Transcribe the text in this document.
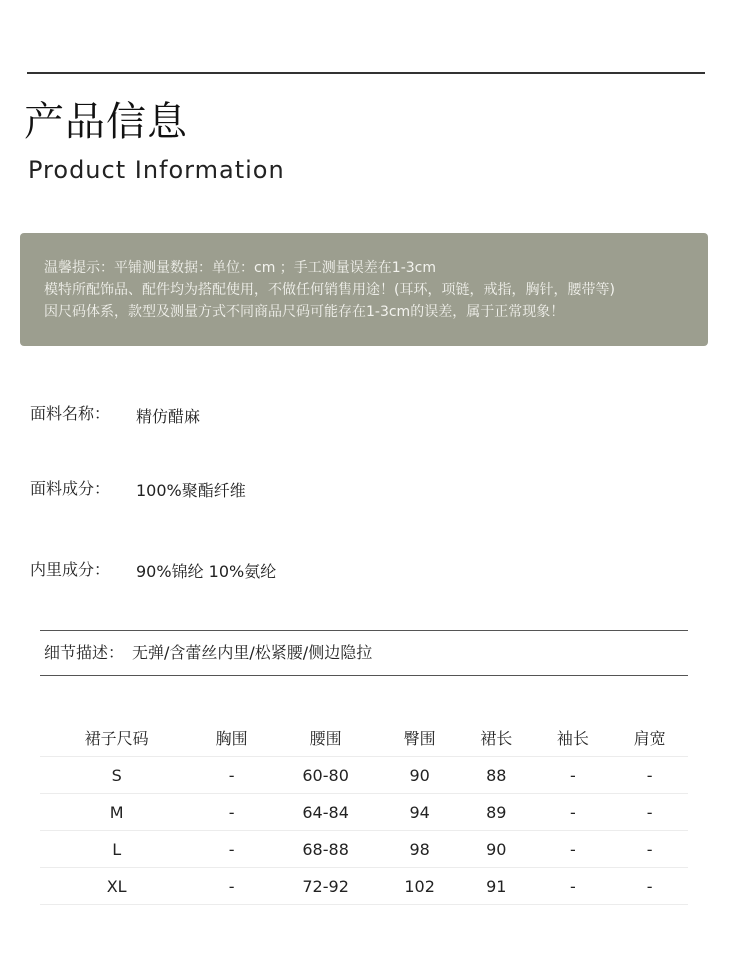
产品信息
Product Information

温馨提示：平铺测量数据：单位：cm ；手工测量误差在1-3cm

模特所配饰品、配件均为搭配使用，不做任何销售用途！(耳环，项链，戒指，胸针，腰带等)

因尺码体系，款型及测量方式不同商品尺码可能存在1-3cm的误差，属于正常现象！

面料名称： 精仿醋麻
面料成分： 100%聚酯纤维
内里成分： 90%锦纶 10%氨纶
细节描述： 无弹/含蕾丝内里/松紧腰/侧边隐拉
裙子尺码	胸围	腰围	臀围	裙长	袖长	肩宽
S	-	60-80	90	88	-	-
M	-	64-84	94	89	-	-
L	-	68-88	98	90	-	-
XL	-	72-92	102	91	-	-
